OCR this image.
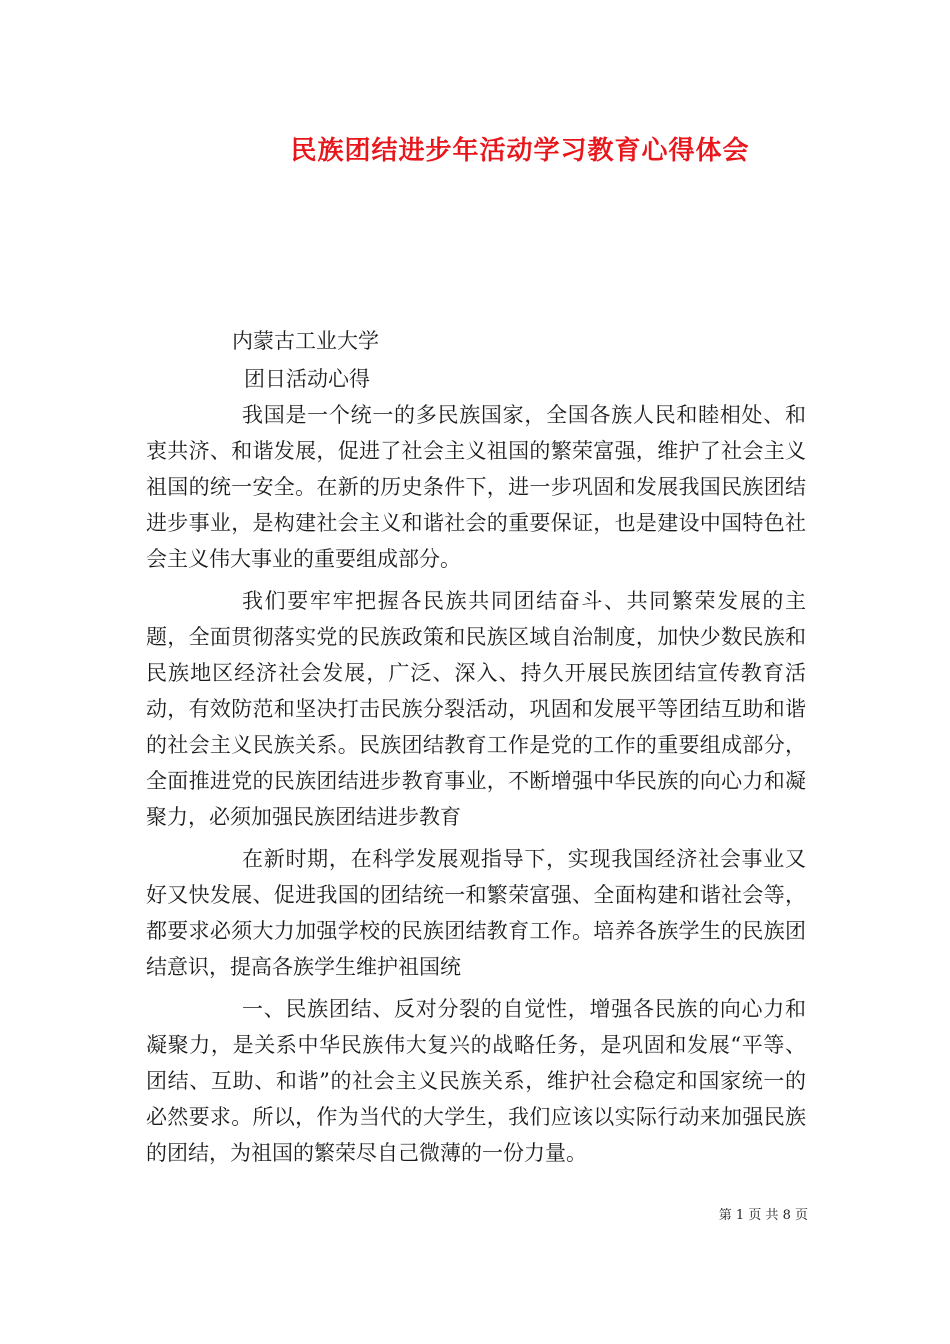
民族团结进步年活动学习教育心得体会
内蒙古工业大学
团日活动心得

我国是一个统一的多民族国家，全国各族人民和睦相处、和衷共济、和谐发展，促进了社会主义祖国的繁荣富强，维护了社会主义祖国的统一安全。在新的历史条件下，进一步巩固和发展我国民族团结进步事业，是构建社会主义和谐社会的重要保证，也是建设中国特色社会主义伟大事业的重要组成部分。

我们要牢牢把握各民族共同团结奋斗、共同繁荣发展的主题，全面贯彻落实党的民族政策和民族区域自治制度，加快少数民族和民族地区经济社会发展，广泛、深入、持久开展民族团结宣传教育活动，有效防范和坚决打击民族分裂活动，巩固和发展平等团结互助和谐的社会主义民族关系。民族团结教育工作是党的工作的重要组成部分，全面推进党的民族团结进步教育事业，不断增强中华民族的向心力和凝聚力，必须加强民族团结进步教育

在新时期，在科学发展观指导下，实现我国经济社会事业又好又快发展、促进我国的团结统一和繁荣富强、全面构建和谐社会等，都要求必须大力加强学校的民族团结教育工作。培养各族学生的民族团结意识，提高各族学生维护祖国统

一、民族团结、反对分裂的自觉性，增强各民族的向心力和凝聚力，是关系中华民族伟大复兴的战略任务，是巩固和发展“平等、团结、互助、和谐”的社会主义民族关系，维护社会稳定和国家统一的必然要求。所以，作为当代的大学生，我们应该以实际行动来加强民族的团结，为祖国的繁荣尽自己微薄的一份力量。

第 1 页 共 8 页
